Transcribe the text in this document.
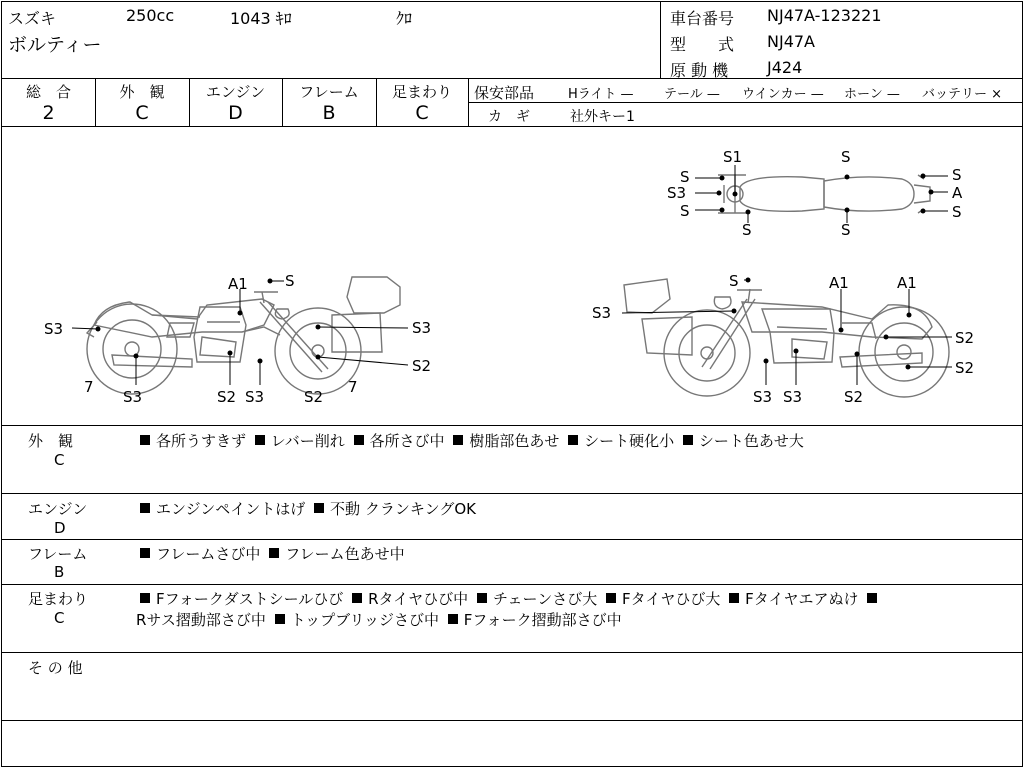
スズキ	250cc	1043 ｷﾛ	ｸﾛ
ボルティー
車台番号 NJ47A-123221
型　　式 NJ47A
原 動 機 J424
総　合
2
外　観
C
エンジン
D
フレーム
B
足まわり
C
保安部品	Hライト — テール — ウインカー — ホーン — バッテリー ×
カ　ギ	社外キー1
A1 S
S3	S3
S2
7
S3	S2 S3	S2
7
S	A1	A1
S3
S2
S2
S3 S3	S2
S1	S
S
S3
S
S	S
A
S
S
外　観
C
各所うすきず レバー削れ 各所さび中 樹脂部色あせ シート硬化小 シート色あせ大
エンジン
D
エンジンペイントはげ 不動 クランキングOK
フレーム
B
フレームさび中 フレーム色あせ中
足まわり
C
Fフォークダストシールひび Rタイヤひび中 チェーンさび大 Fタイヤひび大 Fタイヤエアぬけ
Rサス摺動部さび中 トップブリッジさび中 Fフォーク摺動部さび中
そ の 他
